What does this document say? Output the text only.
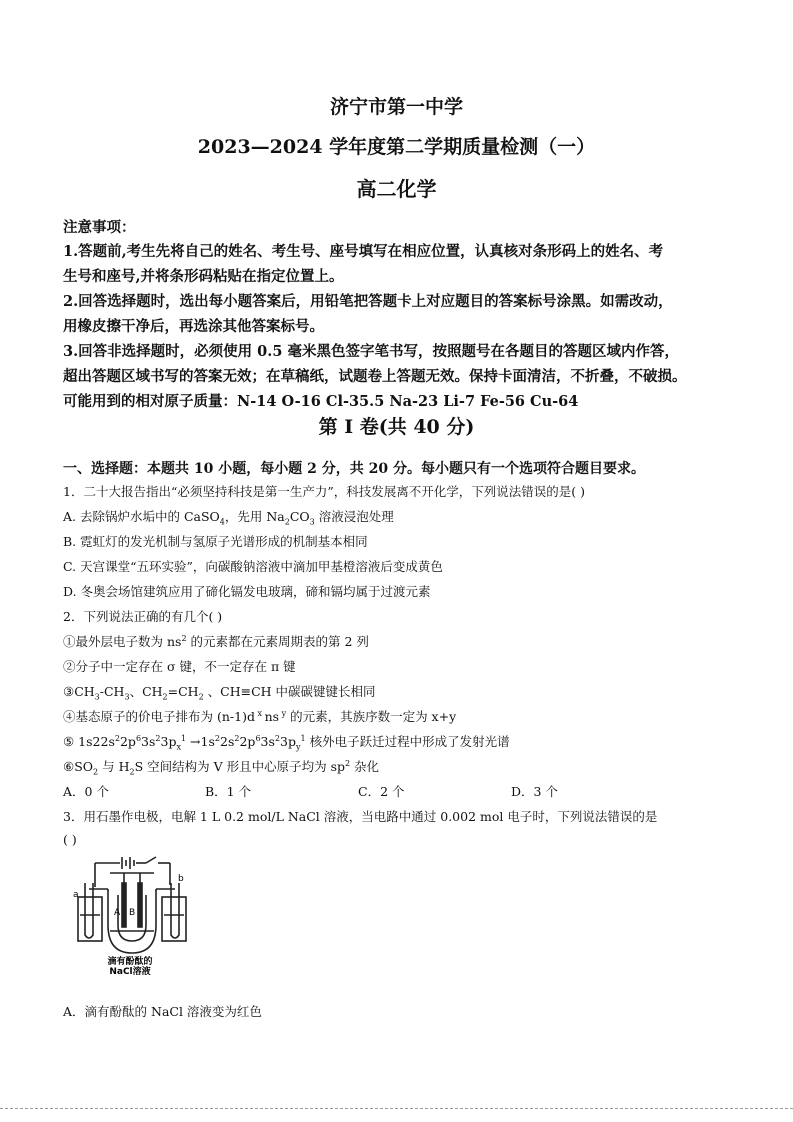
济宁市第一中学
2023—2024 学年度第二学期质量检测（一）
高二化学
注意事项：
1.答题前,考生先将自己的姓名、考生号、座号填写在相应位置，认真核对条形码上的姓名、考
生号和座号,并将条形码粘贴在指定位置上。
2.回答选择题时，选出每小题答案后，用铅笔把答题卡上对应题目的答案标号涂黑。如需改动，
用橡皮擦干净后，再选涂其他答案标号。
3.回答非选择题时，必须使用 0.5 毫米黑色签字笔书写，按照题号在各题目的答题区域内作答，
超出答题区域书写的答案无效；在草稿纸，试题卷上答题无效。保持卡面清洁，不折叠，不破损。
可能用到的相对原子质量：N-14 O-16 Cl-35.5 Na-23 Li-7 Fe-56 Cu-64
第 I 卷(共 40 分)
一、选择题：本题共 10 小题，每小题 2 分，共 20 分。每小题只有一个选项符合题目要求。
1．二十大报告指出“必须坚持科技是第一生产力”，科技发展离不开化学，下列说法错误的是( )
A. 去除锅炉水垢中的 CaSO$_4$，先用 $Na_2CO_3$ 溶液浸泡处理
B. 霓虹灯的发光机制与氢原子光谱形成的机制基本相同
C. 天宫课堂“五环实验”，向碳酸钠溶液中滴加甲基橙溶液后变成黄色
D. 冬奥会场馆建筑应用了碲化镉发电玻璃，碲和镉均属于过渡元素
2．下列说法正确的有几个( )
①最外层电子数为 $ns^2$ 的元素都在元素周期表的第 2 列
②分子中一定存在 σ 键，不一定存在 π 键
$③CH_3-CH_3$、$CH_2=CH_2$ 、CH≡CH 中碳碳键键长相同
④基态原子的价电子排布为 (n-1)d $^x$ ns $^y$ 的元素，其族序数一定为 x+y
⑤ $1s22s^22p^63s^23p_x^1 \to 1s^22s^22p^63s^23p_y^1$ 核外电子跃迁过程中形成了发射光谱
$⑥SO_2$ 与 $H_2S$ 空间结构为 V 形且中心原子均为 $sp^2$ 杂化
A．0 个	B．1 个	C．2 个	D．3 个
3．用石墨作电极，电解 1 L 0.2 mol/L NaCl 溶液，当电路中通过 0.002 mol 电子时，下列说法错误的是
( )
a
b
A B
滴有酚酞的
NaCl溶液
A．滴有酚酞的 NaCl 溶液变为红色
